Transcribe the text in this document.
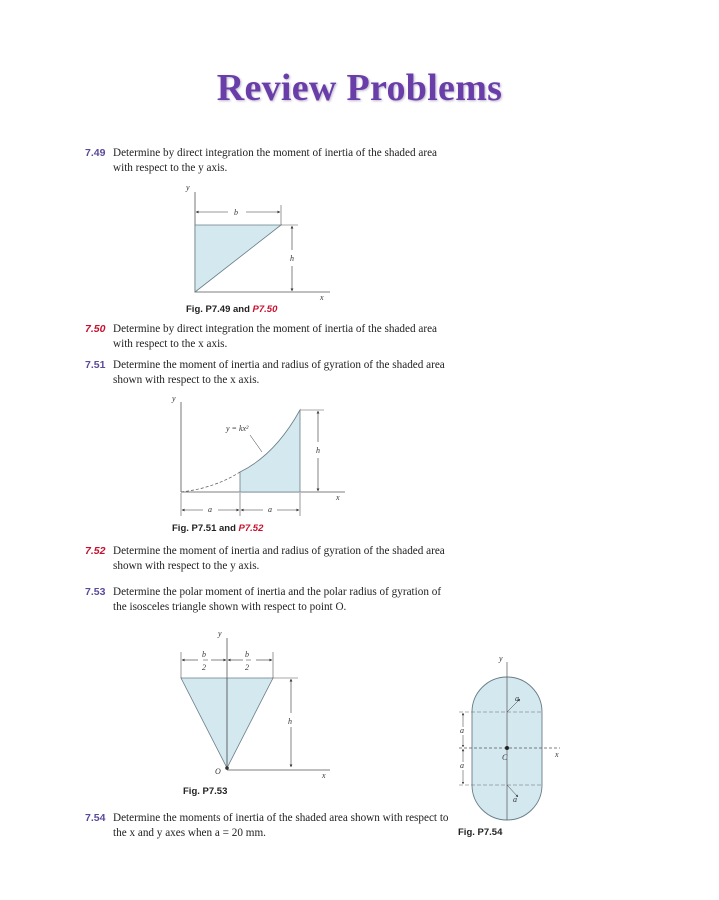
Review Problems
7.49 Determine by direct integration the moment of inertia of the shaded area with respect to the y axis.
y
x
b
h
Fig. P7.49 and P7.50
7.50 Determine by direct integration the moment of inertia of the shaded area with respect to the x axis.
7.51 Determine the moment of inertia and radius of gyration of the shaded area shown with respect to the x axis.
y
x
y = kx²
h
a	a
Fig. P7.51 and P7.52
7.52 Determine the moment of inertia and radius of gyration of the shaded area shown with respect to the y axis.
7.53 Determine the polar moment of inertia and the polar radius of gyration of the isosceles triangle shown with respect to point O.
y
x
b
2
b
2
h
O
Fig. P7.53
y
x
C
a
a
a
a
Fig. P7.54
7.54 Determine the moments of inertia of the shaded area shown with respect to the x and y axes when a = 20 mm.
